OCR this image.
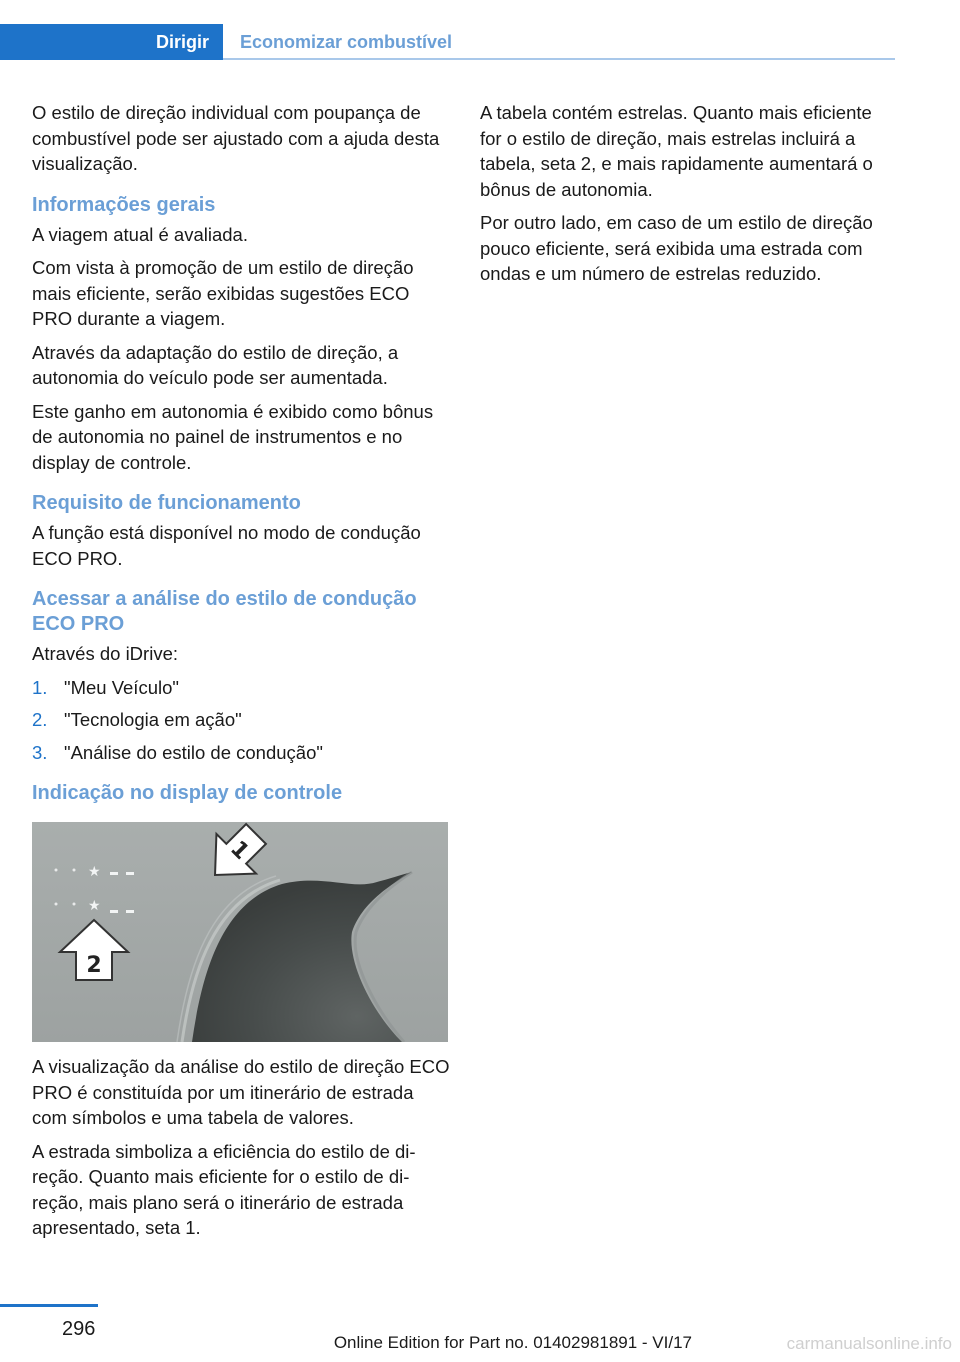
Dirigir Economizar combustível

O estilo de direção individual com poupança de combustível pode ser ajustado com a ajuda desta visualização.

Informações gerais

A viagem atual é avaliada.

Com vista à promoção de um estilo de direção mais eficiente, serão exibidas sugestões ECO PRO durante a viagem.

Através da adaptação do estilo de direção, a autonomia do veículo pode ser aumentada.

Este ganho em autonomia é exibido como bônus de autonomia no painel de instrumentos e no display de controle.

Requisito de funcionamento

A função está disponível no modo de condução ECO PRO.

Acessar a análise do estilo de condução ECO PRO

Através do iDrive:

1. "Meu Veículo"
2. "Tecnologia em ação"
3. "Análise do estilo de condução"
Indicação no display de controle
★
★
1
2

A visualização da análise do estilo de direção ECO PRO é constituída por um itinerário de estrada com símbolos e uma tabela de valores.

A estrada simboliza a eficiência do estilo de direção. Quanto mais eficiente for o estilo de direção, mais plano será o itinerário de estrada apresentado, seta 1.

A tabela contém estrelas. Quanto mais eficiente for o estilo de direção, mais estrelas incluirá a tabela, seta 2, e mais rapidamente aumentará o bônus de autonomia.

Por outro lado, em caso de um estilo de direção pouco eficiente, será exibida uma estrada com ondas e um número de estrelas reduzido.

296
Online Edition for Part no. 01402981891 - VI/17	carmanualsonline.info
